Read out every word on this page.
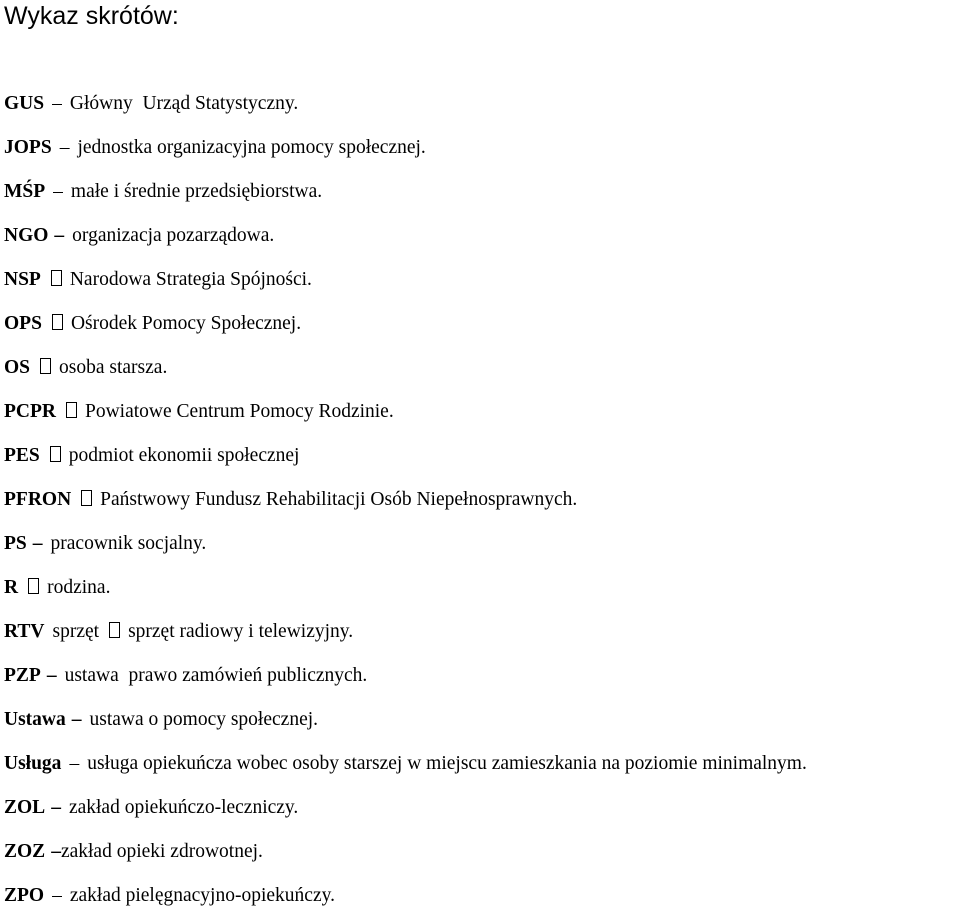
Wykaz skrótów:
GUS – Główny  Urząd Statystyczny.
JOPS – jednostka organizacyjna pomocy społecznej.
MŚP – małe i średnie przedsiębiorstwa.
NGO – organizacja pozarządowa.
NSP Narodowa Strategia Spójności.
OPS Ośrodek Pomocy Społecznej.
OS osoba starsza.
PCPR Powiatowe Centrum Pomocy Rodzinie.
PES podmiot ekonomii społecznej
PFRON Państwowy Fundusz Rehabilitacji Osób Niepełnosprawnych.
PS – pracownik socjalny.
R rodzina.
RTV sprzęt sprzęt radiowy i telewizyjny.
PZP – ustawa  prawo zamówień publicznych.
Ustawa – ustawa o pomocy społecznej.
Usługa – usługa opiekuńcza wobec osoby starszej w miejscu zamieszkania na poziomie minimalnym.
ZOL – zakład opiekuńczo-leczniczy.
ZOZ –zakład opieki zdrowotnej.
ZPO – zakład pielęgnacyjno-opiekuńczy.
